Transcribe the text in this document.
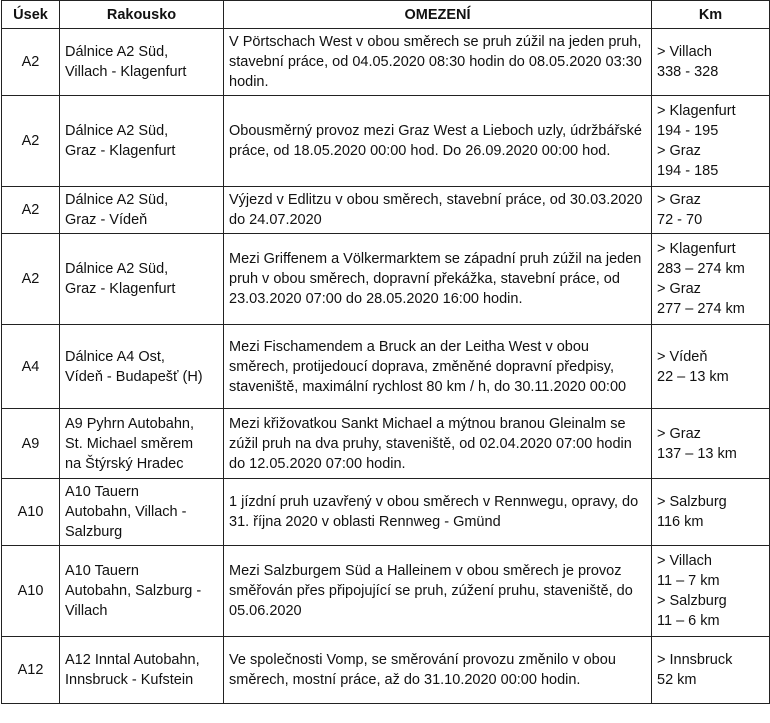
Úsek	Rakousko	OMEZENÍ	Km
A2	Dálnice A2 Süd,
Villach - Klagenfurt	V Pörtschach West v obou směrech se pruh zúžil na jeden pruh, stavební práce, od 04.05.2020 08:30 hodin do 08.05.2020 03:30 hodin.	> Villach
338 - 328

A2	Dálnice A2 Süd,
Graz - Klagenfurt	Obousměrný provoz mezi Graz West a Lieboch uzly, údržbářské práce, od 18.05.2020 00:00 hod. Do 26.09.2020 00:00 hod.	> Klagenfurt
194 - 195
> Graz
194 - 185

A2	Dálnice A2 Süd,
Graz - Vídeň	Výjezd v Edlitzu v obou směrech, stavební práce, od 30.03.2020 do 24.07.2020	> Graz
72 - 70

A2	Dálnice A2 Süd,
Graz - Klagenfurt	Mezi Griffenem a Völkermarktem se západní pruh zúžil na jeden pruh v obou směrech, dopravní překážka, stavební práce, od 23.03.2020 07:00 do 28.05.2020 16:00 hodin.	> Klagenfurt
283 – 274 km
> Graz
277 – 274 km

A4	Dálnice A4 Ost,
Vídeň - Budapešť (H)	Mezi Fischamendem a Bruck an der Leitha West v obou směrech, protijedoucí doprava, změněné dopravní předpisy, staveniště, maximální rychlost 80 km / h, do 30.11.2020 00:00	> Vídeň
22 – 13 km

A9	A9 Pyhrn Autobahn,
St. Michael směrem
na Štýrský Hradec	Mezi křižovatkou Sankt Michael a mýtnou branou Gleinalm se zúžil pruh na dva pruhy, staveniště, od 02.04.2020 07:00 hodin do 12.05.2020 07:00 hodin.	> Graz
137 – 13 km

A10	A10 Tauern
Autobahn, Villach -
Salzburg	1 jízdní pruh uzavřený v obou směrech v Rennwegu, opravy, do 31. října 2020 v oblasti Rennweg - Gmünd	> Salzburg
116 km

A10	A10 Tauern
Autobahn, Salzburg -
Villach	Mezi Salzburgem Süd a Halleinem v obou směrech je provoz směřován přes připojující se pruh, zúžení pruhu, staveniště, do 05.06.2020	> Villach
11 – 7 km
> Salzburg
11 – 6 km

A12	A12 Inntal Autobahn,
Innsbruck - Kufstein	Ve společnosti Vomp, se směrování provozu změnilo v obou směrech, mostní práce, až do 31.10.2020 00:00 hodin.	> Innsbruck
52 km
